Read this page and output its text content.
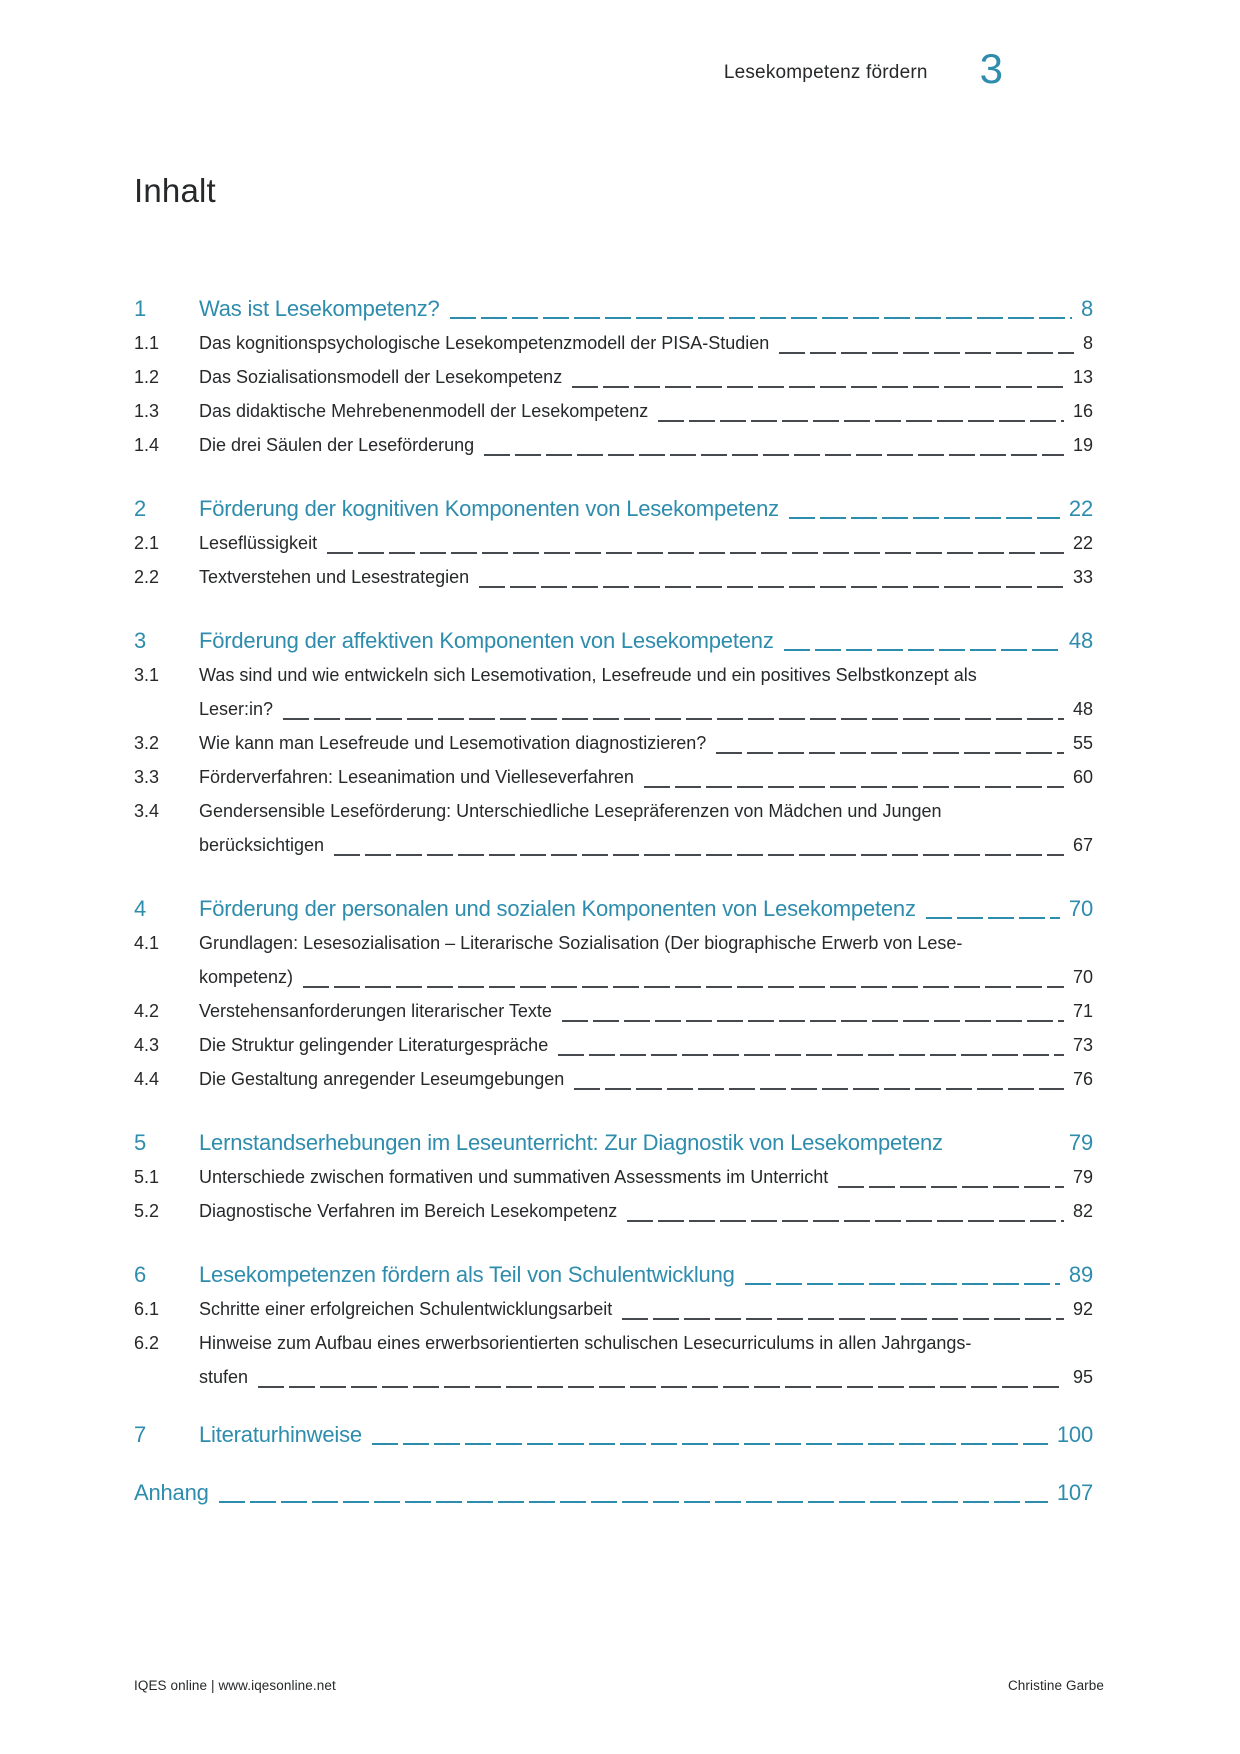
Lesekompetenz fördern 3
Inhalt
1	Was ist Lesekompetenz?	8
1.1	Das kognitionspsychologische Lesekompetenzmodell der PISA-Studien	8
1.2	Das Sozialisationsmodell der Lesekompetenz	13
1.3	Das didaktische Mehrebenenmodell der Lesekompetenz	16
1.4	Die drei Säulen der Leseförderung	19
2	Förderung der kognitiven Komponenten von Lesekompetenz	22
2.1	Leseflüssigkeit	22
2.2	Textverstehen und Lesestrategien	33
3	Förderung der affektiven Komponenten von Lesekompetenz	48
3.1	Was sind und wie entwickeln sich Lesemotivation, Lesefreude und ein positives Selbstkonzept als
Leser:in?	48
3.2	Wie kann man Lesefreude und Lesemotivation diagnostizieren?	55
3.3	Förderverfahren: Leseanimation und Vielleseverfahren	60
3.4	Gendersensible Leseförderung: Unterschiedliche Lesepräferenzen von Mädchen und Jungen
berücksichtigen	67
4	Förderung der personalen und sozialen Komponenten von Lesekompetenz	70
4.1	Grundlagen: Lesesozialisation – Literarische Sozialisation (Der biographische Erwerb von Lese-
kompetenz)	70
4.2	Verstehensanforderungen literarischer Texte	71
4.3	Die Struktur gelingender Literaturgespräche	73
4.4	Die Gestaltung anregender Leseumgebungen	76
5	Lernstandserhebungen im Leseunterricht: Zur Diagnostik von Lesekompetenz	79
5.1	Unterschiede zwischen formativen und summativen Assessments im Unterricht	79
5.2	Diagnostische Verfahren im Bereich Lesekompetenz	82
6	Lesekompetenzen fördern als Teil von Schulentwicklung	89
6.1	Schritte einer erfolgreichen Schulentwicklungsarbeit	92
6.2	Hinweise zum Aufbau eines erwerbsorientierten schulischen Lesecurriculums in allen Jahrgangs-
stufen	95
7	Literaturhinweise	100
Anhang	107
IQES online | www.iqesonline.net	Christine Garbe
